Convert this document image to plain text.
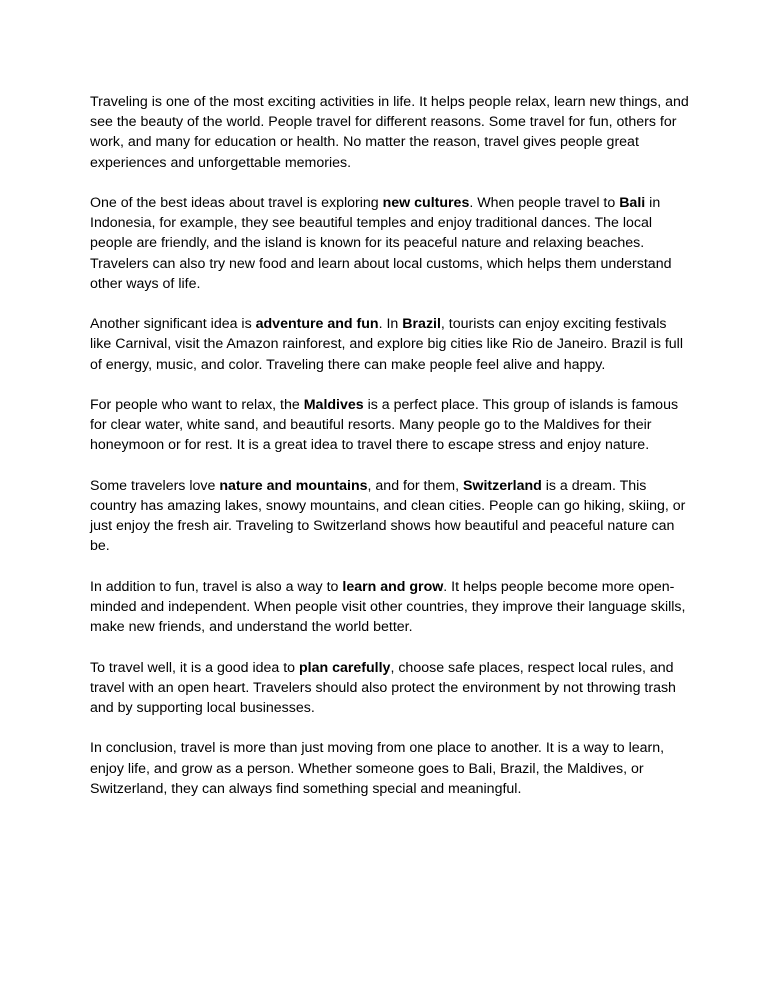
Traveling is one of the most exciting activities in life. It helps people relax, learn new things, and see the beauty of the world. People travel for different reasons. Some travel for fun, others for work, and many for education or health. No matter the reason, travel gives people great experiences and unforgettable memories.

One of the best ideas about travel is exploring new cultures. When people travel to Bali in Indonesia, for example, they see beautiful temples and enjoy traditional dances. The local people are friendly, and the island is known for its peaceful nature and relaxing beaches. Travelers can also try new food and learn about local customs, which helps them understand other ways of life.

Another significant idea is adventure and fun. In Brazil, tourists can enjoy exciting festivals like Carnival, visit the Amazon rainforest, and explore big cities like Rio de Janeiro. Brazil is full of energy, music, and color. Traveling there can make people feel alive and happy.

For people who want to relax, the Maldives is a perfect place. This group of islands is famous for clear water, white sand, and beautiful resorts. Many people go to the Maldives for their honeymoon or for rest. It is a great idea to travel there to escape stress and enjoy nature.

Some travelers love nature and mountains, and for them, Switzerland is a dream. This country has amazing lakes, snowy mountains, and clean cities. People can go hiking, skiing, or just enjoy the fresh air. Traveling to Switzerland shows how beautiful and peaceful nature can be.

In addition to fun, travel is also a way to learn and grow. It helps people become more open-minded and independent. When people visit other countries, they improve their language skills, make new friends, and understand the world better.

To travel well, it is a good idea to plan carefully, choose safe places, respect local rules, and travel with an open heart. Travelers should also protect the environment by not throwing trash and by supporting local businesses.

In conclusion, travel is more than just moving from one place to another. It is a way to learn, enjoy life, and grow as a person. Whether someone goes to Bali, Brazil, the Maldives, or Switzerland, they can always find something special and meaningful.
